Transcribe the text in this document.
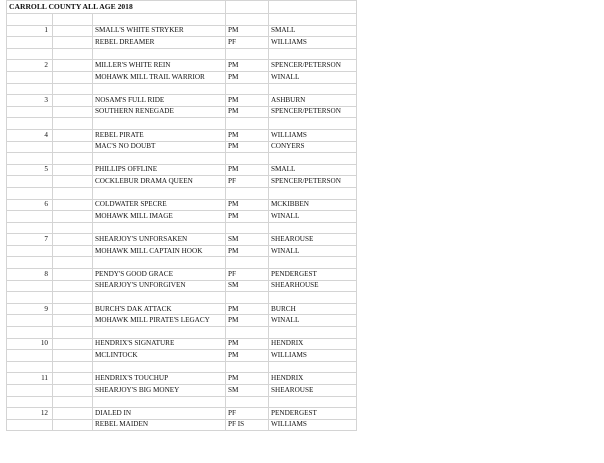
CARROLL COUNTY ALL AGE 2018				

1		SMALL'S WHITE STRYKER	PM	SMALL
		REBEL DREAMER	PF	WILLIAMS

2		MILLER'S WHITE REIN	PM	SPENCER/PETERSON
		MOHAWK MILL TRAIL WARRIOR	PM	WINALL

3		NOSAM'S FULL RIDE	PM	ASHBURN
		SOUTHERN RENEGADE	PM	SPENCER/PETERSON

4		REBEL PIRATE	PM	WILLIAMS
		MAC'S NO DOUBT	PM	CONYERS

5		PHILLIPS OFFLINE	PM	SMALL
		COCKLEBUR DRAMA QUEEN	PF	SPENCER/PETERSON

6		COLDWATER SPECRE	PM	MCKIBBEN
		MOHAWK MILL IMAGE	PM	WINALL

7		SHEARJOY'S UNFORSAKEN	SM	SHEAROUSE
		MOHAWK MILL CAPTAIN HOOK	PM	WINALL

8		PENDY'S GOOD GRACE	PF	PENDERGEST
		SHEARJOY'S UNFORGIVEN	SM	SHEARHOUSE

9		BURCH'S DAK ATTACK	PM	BURCH
		MOHAWK MILL PIRATE'S LEGACY	PM	WINALL

10		HENDRIX'S SIGNATURE	PM	HENDRIX
		MCLINTOCK	PM	WILLIAMS

11		HENDRIX'S TOUCHUP	PM	HENDRIX
		SHEARJOY'S BIG MONEY	SM	SHEAROUSE

12		DIALED IN	PF	PENDERGEST
		REBEL MAIDEN	PF IS	WILLIAMS
